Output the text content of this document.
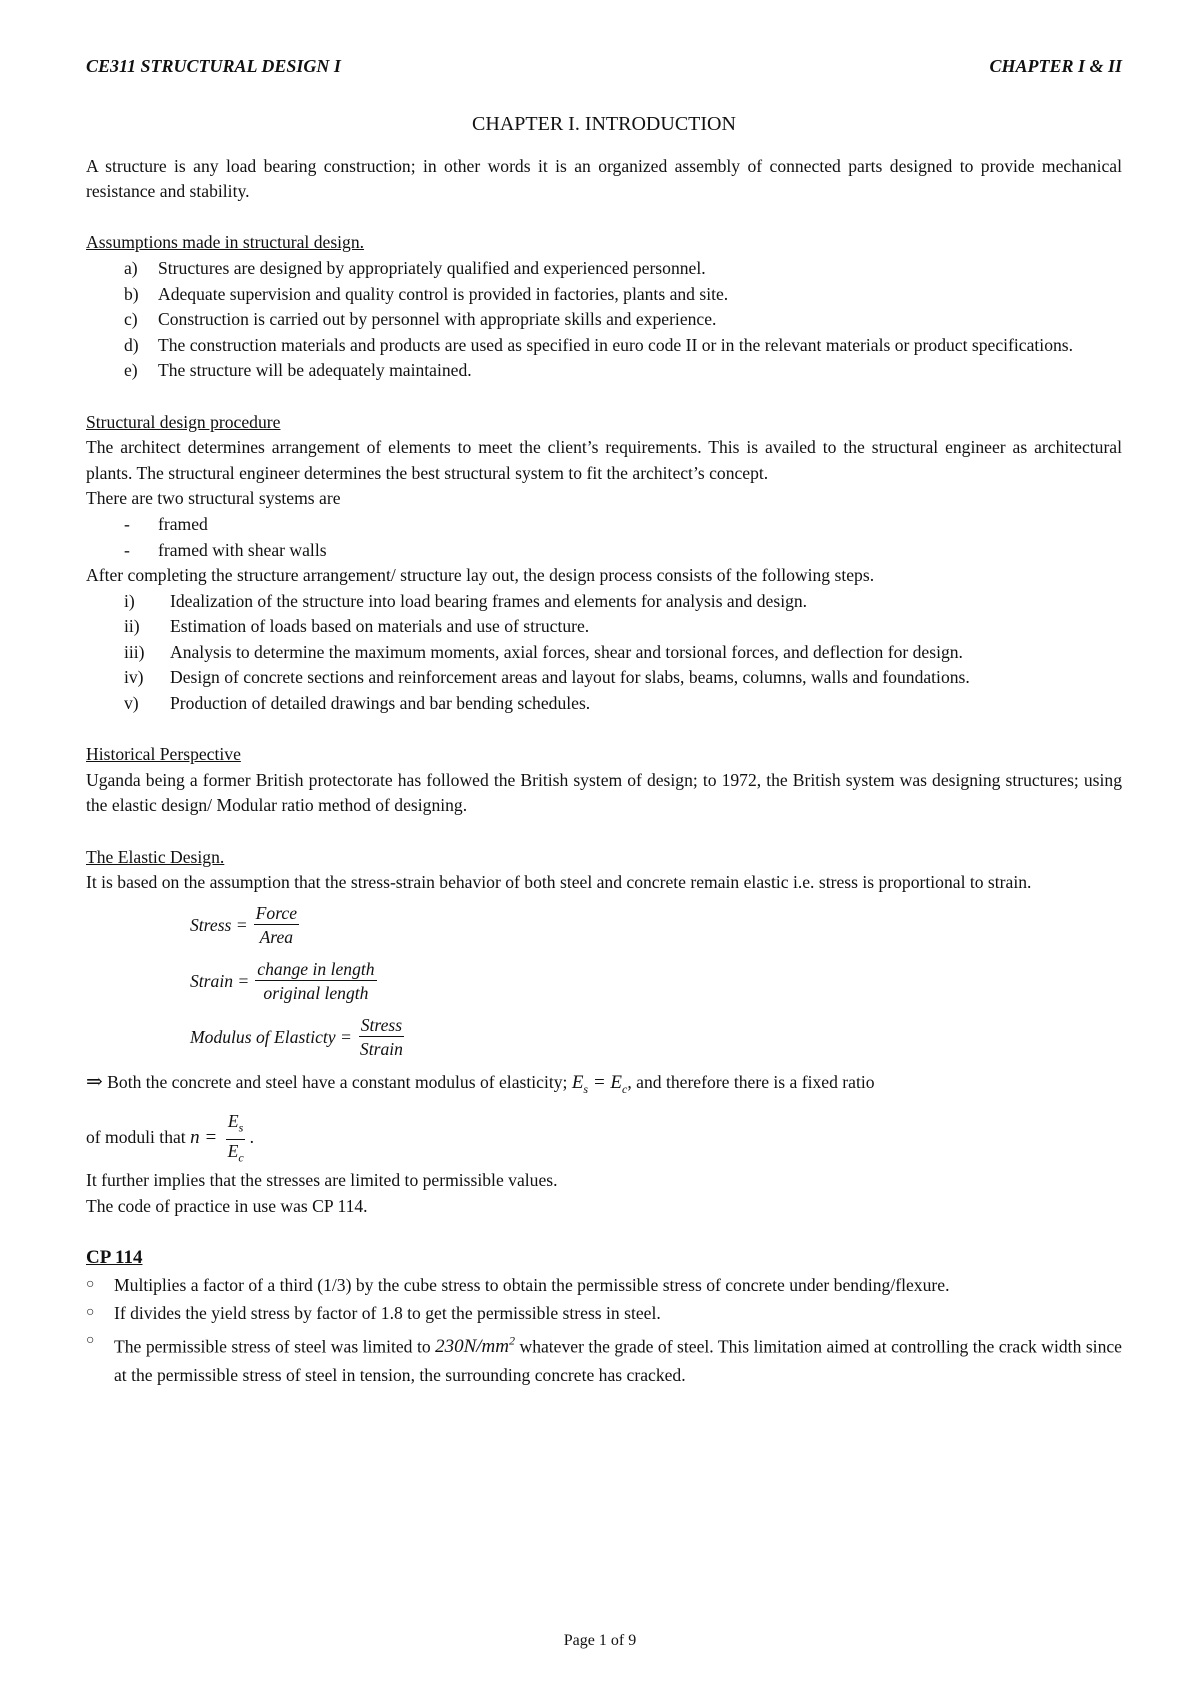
CE311 STRUCTURAL DESIGN I	CHAPTER I & II
CHAPTER I. INTRODUCTION

A structure is any load bearing construction; in other words it is an organized assembly of connected parts designed to provide mechanical resistance and stability.

Assumptions made in structural design.
a)	Structures are designed by appropriately qualified and experienced personnel.
b)	Adequate supervision and quality control is provided in factories, plants and site.
c)	Construction is carried out by personnel with appropriate skills and experience.
d)	The construction materials and products are used as specified in euro code II or in the relevant materials or product specifications.
e)	The structure will be adequately maintained.
Structural design procedure

The architect determines arrangement of elements to meet the client’s requirements. This is availed to the structural engineer as architectural plants. The structural engineer determines the best structural system to fit the architect’s concept.

There are two structural systems are

-	framed
-	framed with shear walls

After completing the structure arrangement/ structure lay out, the design process consists of the following steps.

i)	Idealization of the structure into load bearing frames and elements for analysis and design.
ii)	Estimation of loads based on materials and use of structure.
iii)	Analysis to determine the maximum moments, axial forces, shear and torsional forces, and deflection for design.
iv)	Design of concrete sections and reinforcement areas and layout for slabs, beams, columns, walls and foundations.
v)	Production of detailed drawings and bar bending schedules.
Historical Perspective

Uganda being a former British protectorate has followed the British system of design; to 1972, the British system was designing structures; using the elastic design/ Modular ratio method of designing.

The Elastic Design.

It is based on the assumption that the stress-strain behavior of both steel and concrete remain elastic i.e. stress is proportional to strain.

Stress = $\frac{\text{Force}}{\text{Area}}$
Strain = $\frac{\text{change in length}}{\text{original length}}$
Modulus of Elasticty = $\frac{\text{Stress}}{\text{Strain}}$

⇒ Both the concrete and steel have a constant modulus of elasticity; $E_s = E_c$, and therefore there is a fixed ratio

of moduli that $n = \frac{E_s}{E_c}$ .

It further implies that the stresses are limited to permissible values.

The code of practice in use was CP 114.

CP 114
○	Multiplies a factor of a third (1/3) by the cube stress to obtain the permissible stress of concrete under bending/flexure.
○	If divides the yield stress by factor of 1.8 to get the permissible stress in steel.
○	The permissible stress of steel was limited to $230N/mm^2$ whatever the grade of steel. This limitation aimed at controlling the crack width since at the permissible stress of steel in tension, the surrounding concrete has cracked.
Page 1 of 9
